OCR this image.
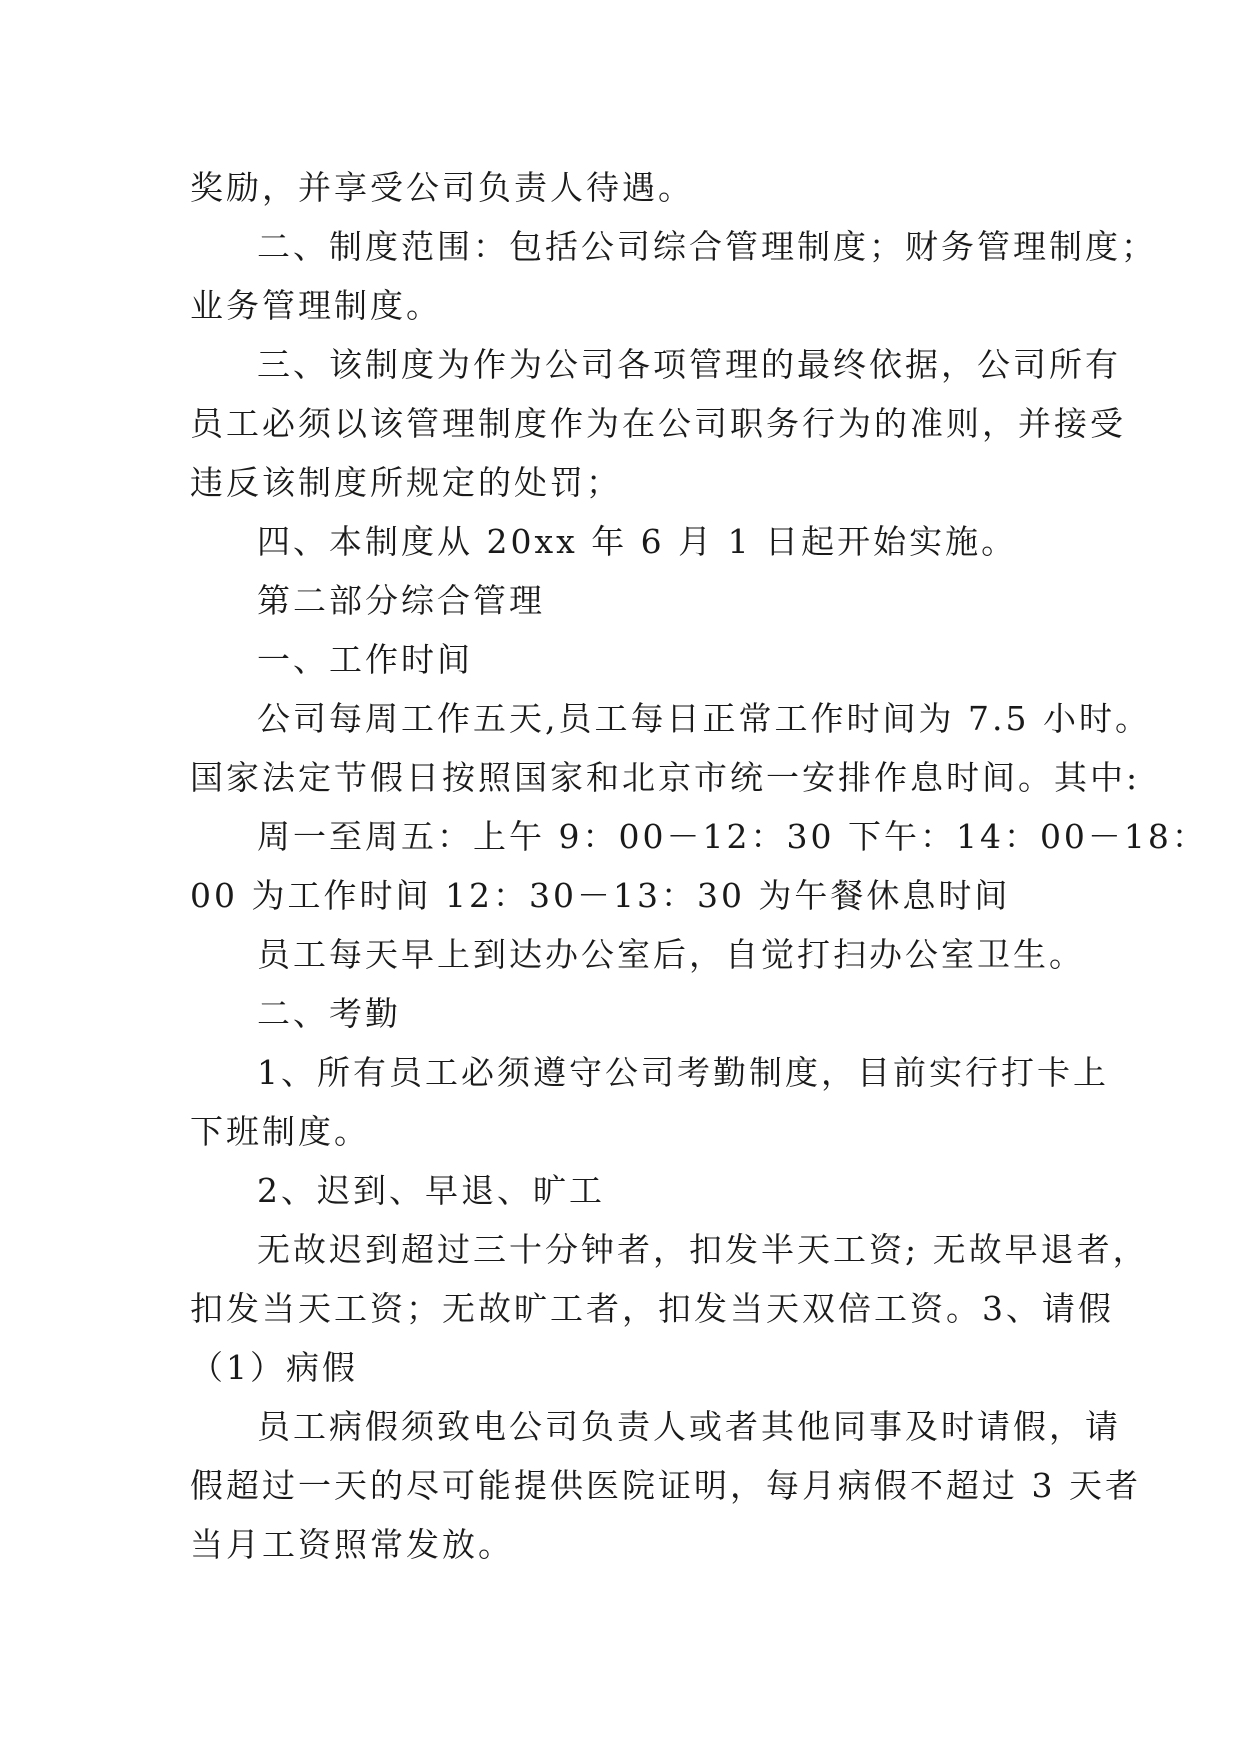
奖励，并享受公司负责人待遇。
二、制度范围：包括公司综合管理制度；财务管理制度；
业务管理制度。
三、该制度为作为公司各项管理的最终依据，公司所有
员工必须以该管理制度作为在公司职务行为的准则，并接受
违反该制度所规定的处罚；
四、本制度从 20xx 年 6 月 1 日起开始实施。
第二部分综合管理
一、工作时间
公司每周工作五天,员工每日正常工作时间为 7.5 小时。
国家法定节假日按照国家和北京市统一安排作息时间。其中:
周一至周五：上午 9：00－12：30 下午：14：00－18：
00 为工作时间 12：30－13：30 为午餐休息时间
员工每天早上到达办公室后，自觉打扫办公室卫生。
二、考勤
1、所有员工必须遵守公司考勤制度，目前实行打卡上
下班制度。
2、迟到、早退、旷工
无故迟到超过三十分钟者，扣发半天工资; 无故早退者，
扣发当天工资；无故旷工者，扣发当天双倍工资。3、请假
（1）病假
员工病假须致电公司负责人或者其他同事及时请假，请
假超过一天的尽可能提供医院证明，每月病假不超过 3 天者
当月工资照常发放。
